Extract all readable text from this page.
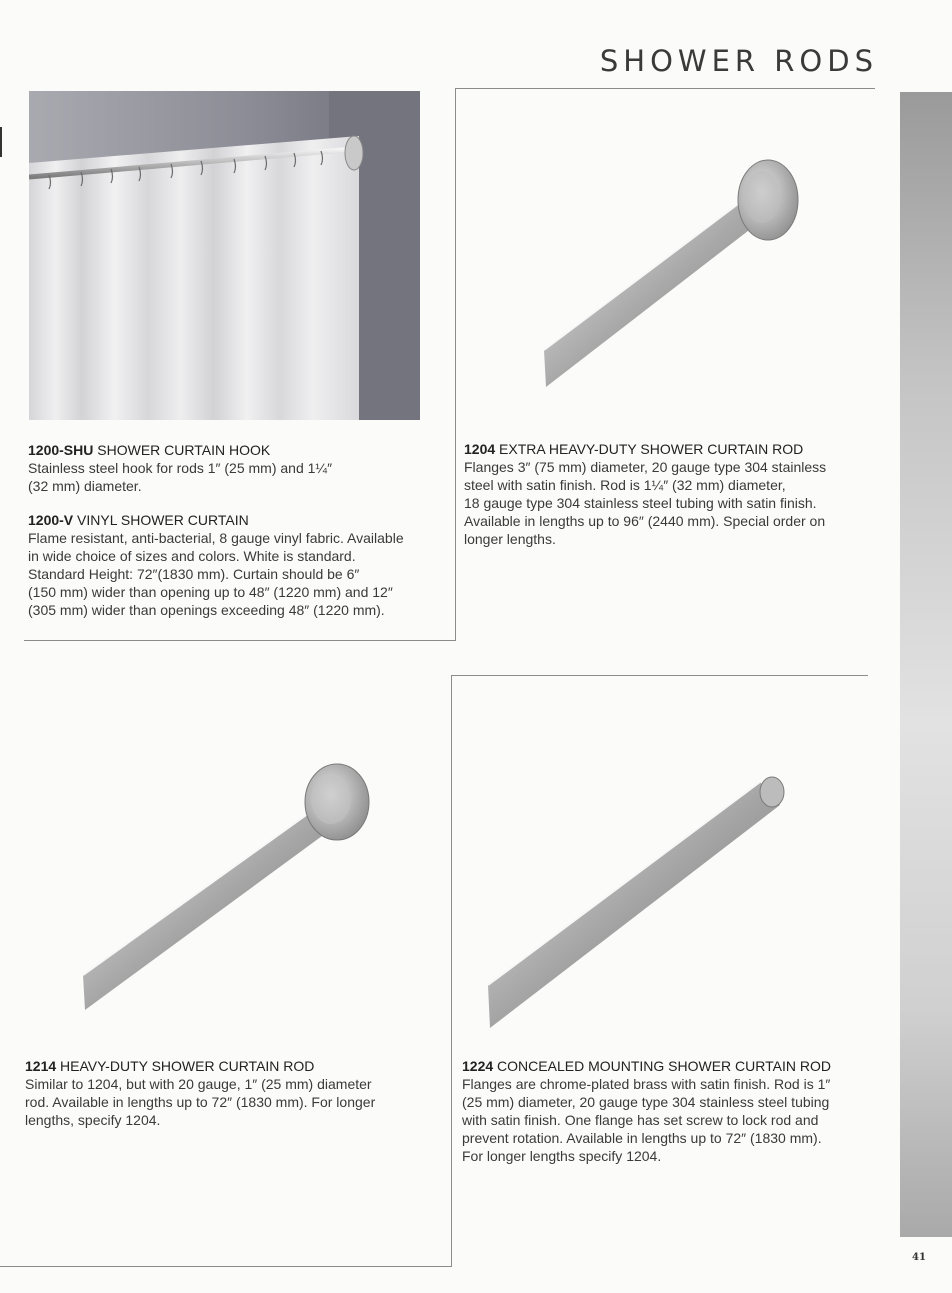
SHOWER RODS
41
1200-SHU SHOWER CURTAIN HOOK
Stainless steel hook for rods 1″ (25 mm) and 1¼″
(32 mm) diameter.
1200-V VINYL SHOWER CURTAIN
Flame resistant, anti-bacterial, 8 gauge vinyl fabric. Available
in wide choice of sizes and colors. White is standard.
Standard Height: 72″(1830 mm). Curtain should be 6″
(150 mm) wider than opening up to 48″ (1220 mm) and 12″
(305 mm) wider than openings exceeding 48″ (1220 mm).
1204 EXTRA HEAVY-DUTY SHOWER CURTAIN ROD
Flanges 3″ (75 mm) diameter, 20 gauge type 304 stainless
steel with satin finish. Rod is 1¼″ (32 mm) diameter,
18 gauge type 304 stainless steel tubing with satin finish.
Available in lengths up to 96″ (2440 mm). Special order on
longer lengths.
1214 HEAVY-DUTY SHOWER CURTAIN ROD
Similar to 1204, but with 20 gauge, 1″ (25 mm) diameter
rod. Available in lengths up to 72″ (1830 mm). For longer
lengths, specify 1204.
1224 CONCEALED MOUNTING SHOWER CURTAIN ROD
Flanges are chrome-plated brass with satin finish. Rod is 1″
(25 mm) diameter, 20 gauge type 304 stainless steel tubing
with satin finish. One flange has set screw to lock rod and
prevent rotation. Available in lengths up to 72″ (1830 mm).
For longer lengths specify 1204.
